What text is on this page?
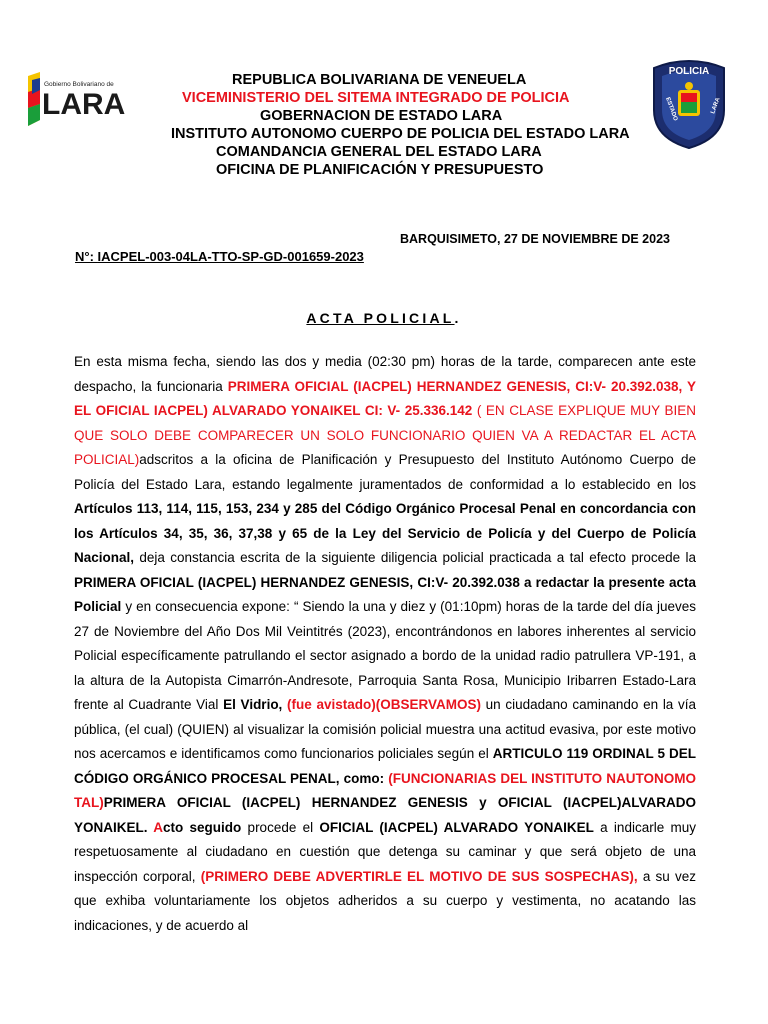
Gobierno Bolivariano de
LARA
POLICIA
ESTADO	LARA
REPUBLICA BOLIVARIANA DE VENEUELA
VICEMINISTERIO DEL SITEMA INTEGRADO DE POLICIA
GOBERNACION DE ESTADO LARA
INSTITUTO AUTONOMO CUERPO DE POLICIA DEL ESTADO LARA
COMANDANCIA GENERAL DEL ESTADO LARA
OFICINA DE PLANIFICACIÓN Y PRESUPUESTO
BARQUISIMETO, 27 DE NOVIEMBRE DE 2023
N°: IACPEL-003-04LA-TTO-SP-GD-001659-2023
ACTA POLICIAL.
En esta misma fecha, siendo las dos y media (02:30 pm) horas de la tarde, comparecen ante este despacho, la funcionaria PRIMERA OFICIAL (IACPEL) HERNANDEZ GENESIS, CI:V- 20.392.038, Y EL OFICIAL IACPEL) ALVARADO YONAIKEL CI: V- 25.336.142 ( EN CLASE EXPLIQUE MUY BIEN QUE SOLO DEBE COMPARECER UN SOLO FUNCIONARIO QUIEN VA A REDACTAR EL ACTA POLICIAL)adscritos a la oficina de Planificación y Presupuesto del Instituto Autónomo Cuerpo de Policía del Estado Lara, estando legalmente juramentados de conformidad a lo establecido en los Artículos 113, 114, 115, 153, 234 y 285 del Código Orgánico Procesal Penal en concordancia con los Artículos 34, 35, 36, 37,38 y 65 de la Ley del Servicio de Policía y del Cuerpo de Policía Nacional, deja constancia escrita de la siguiente diligencia policial practicada a tal efecto procede la PRIMERA OFICIAL (IACPEL) HERNANDEZ GENESIS, CI:V- 20.392.038 a redactar la presente acta Policial y en consecuencia expone: “ Siendo la una y diez y (01:10pm) horas de la tarde del día jueves 27 de Noviembre del Año Dos Mil Veintitrés (2023), encontrándonos en labores inherentes al servicio Policial específicamente patrullando el sector asignado a bordo de la unidad radio patrullera VP-191, a la altura de la Autopista Cimarrón-Andresote, Parroquia Santa Rosa, Municipio Iribarren Estado-Lara frente al Cuadrante Vial El Vidrio, (fue avistado)(OBSERVAMOS) un ciudadano caminando en la vía pública, (el cual) (QUIEN) al visualizar la comisión policial muestra una actitud evasiva, por este motivo nos acercamos e identificamos como funcionarios policiales según el ARTICULO 119 ORDINAL 5 DEL CÓDIGO ORGÁNICO PROCESAL PENAL, como: (FUNCIONARIAS DEL INSTITUTO NAUTONOMO TAL)PRIMERA OFICIAL (IACPEL) HERNANDEZ GENESIS y OFICIAL (IACPEL)ALVARADO YONAIKEL. Acto seguido procede el OFICIAL (IACPEL) ALVARADO YONAIKEL a indicarle muy respetuosamente al ciudadano en cuestión que detenga su caminar y que será objeto de una inspección corporal, (PRIMERO DEBE ADVERTIRLE EL MOTIVO DE SUS SOSPECHAS), a su vez que exhiba voluntariamente los objetos adheridos a su cuerpo y vestimenta, no acatando las indicaciones, y de acuerdo al
